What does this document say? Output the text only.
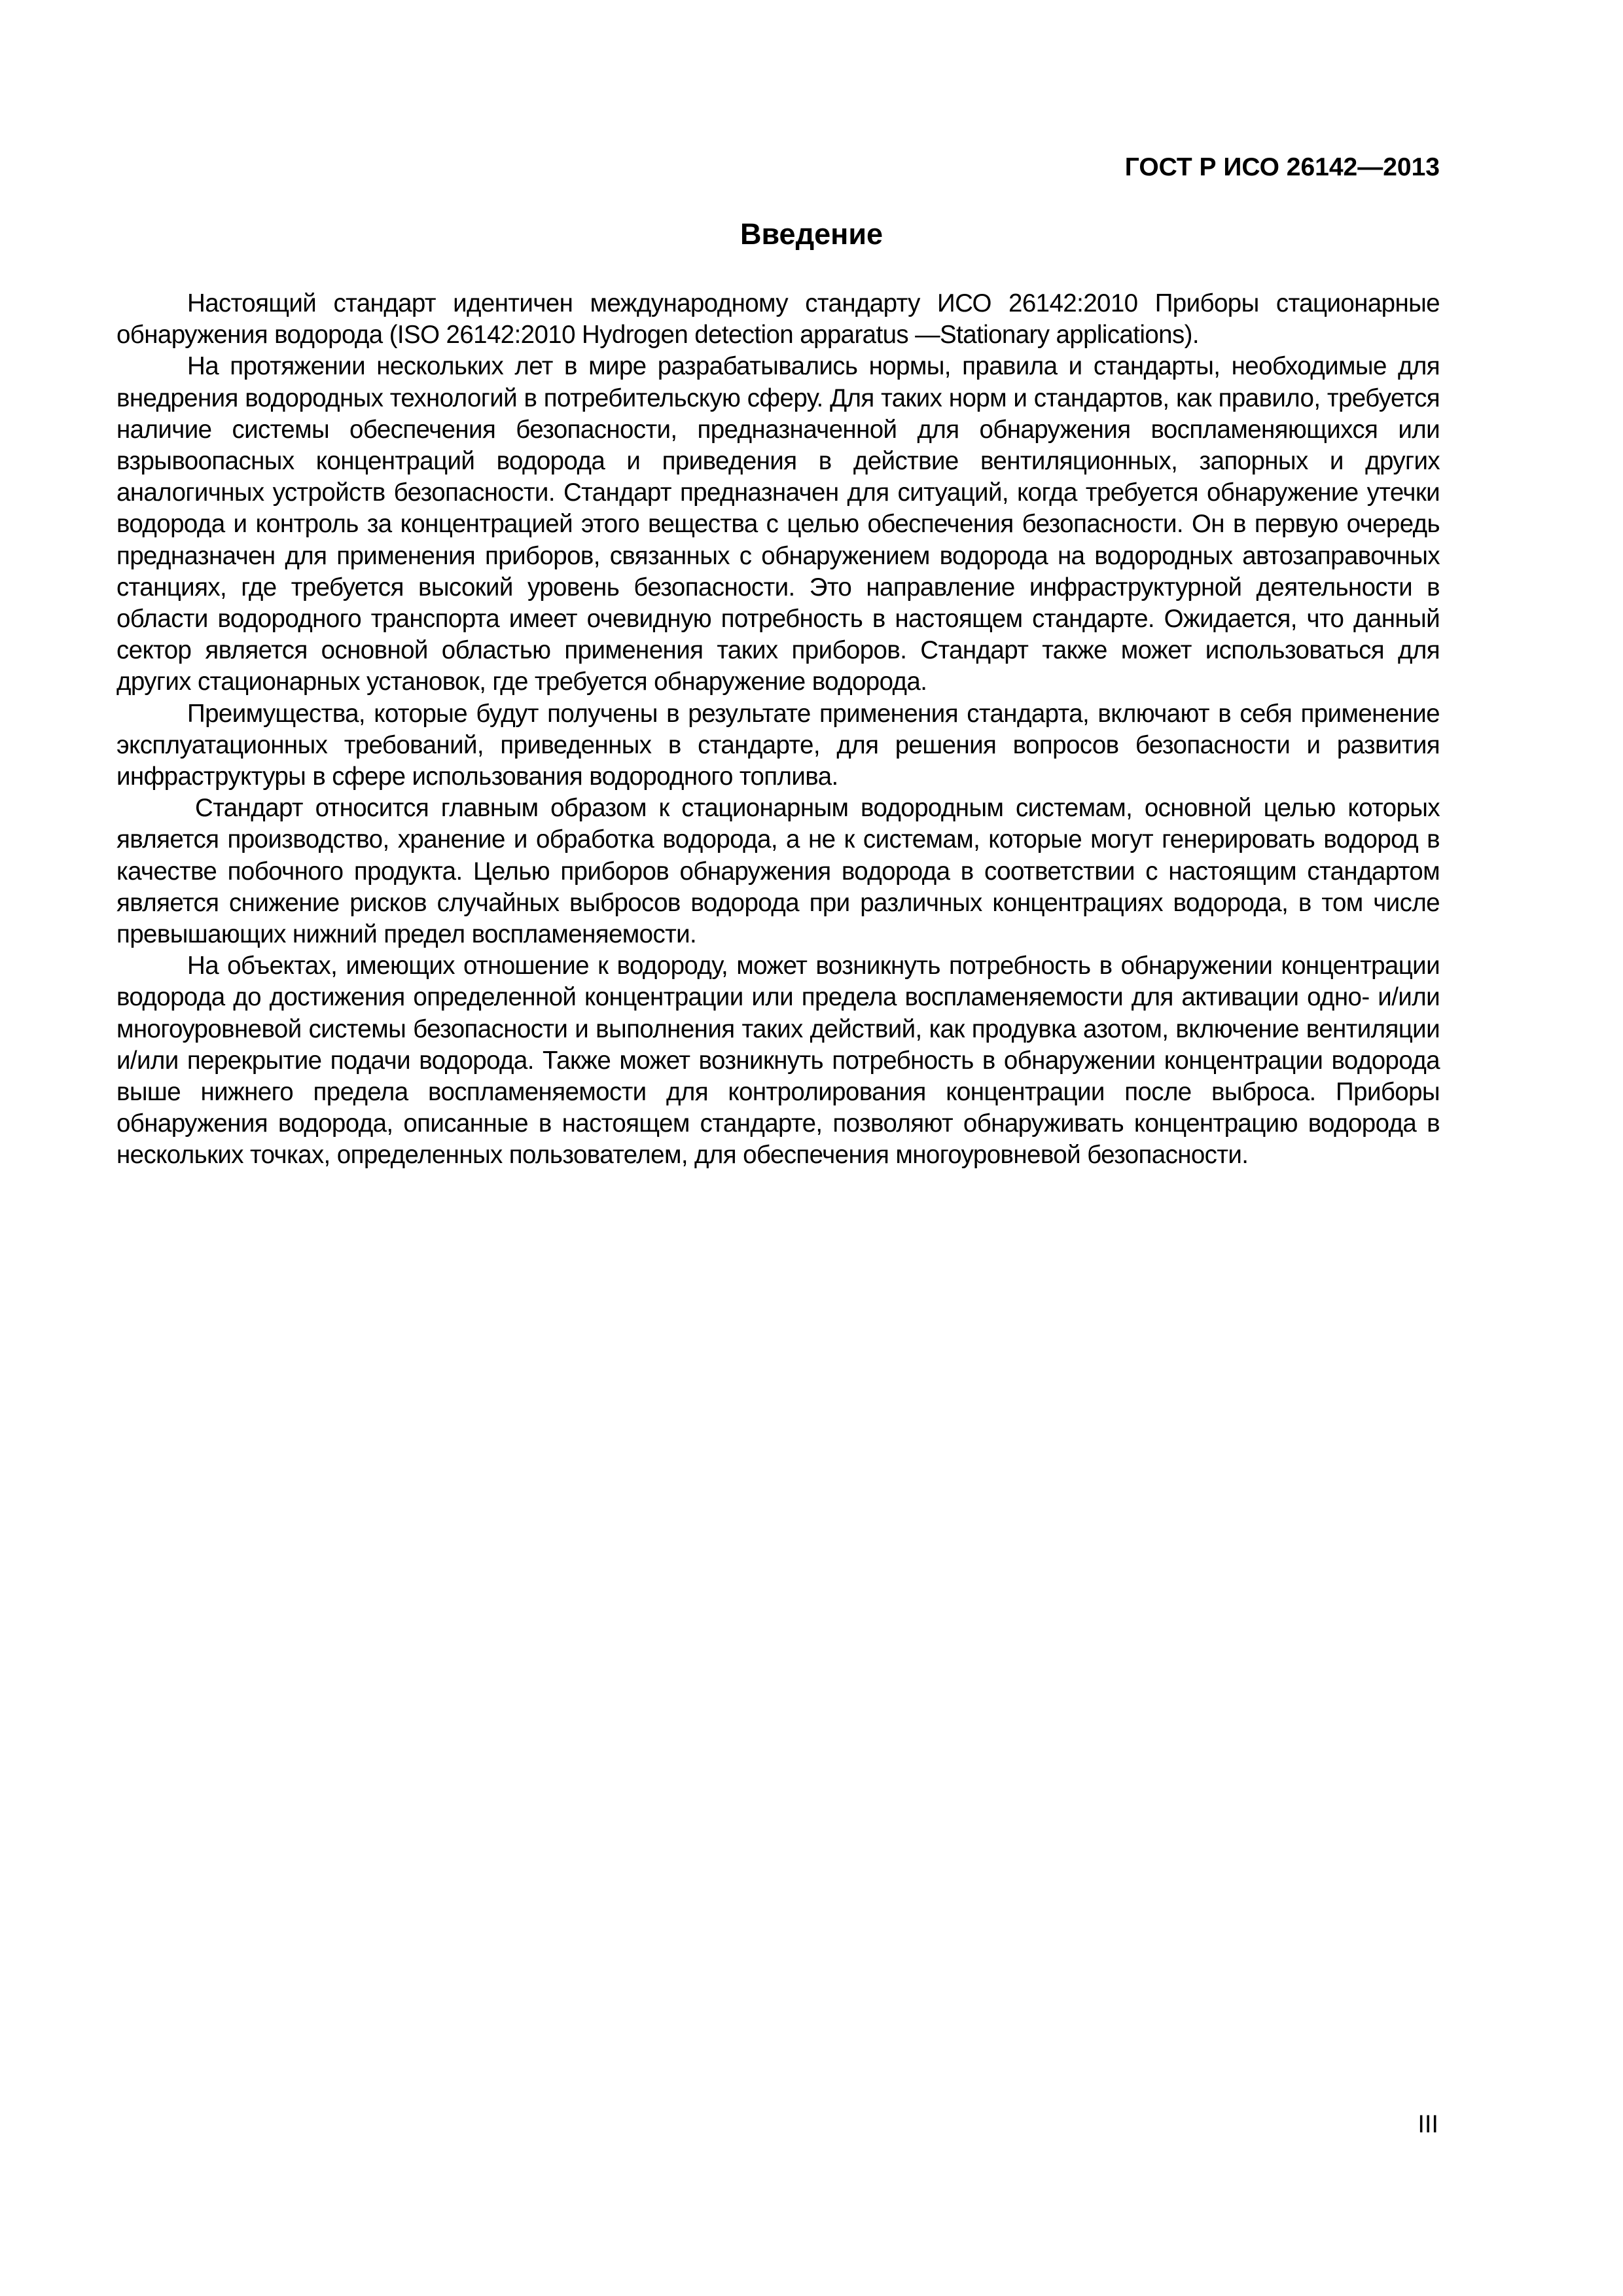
ГОСТ Р ИСО 26142—2013
Введение

Настоящий стандарт идентичен международному стандарту ИСО 26142:2010 Приборы стационарные обнаружения водорода (ISO 26142:2010 Hydrogen detection apparatus —Stationary applications).

На протяжении нескольких лет в мире разрабатывались нормы, правила и стандарты, необходимые для внедрения водородных технологий в потребительскую сферу. Для таких норм и стандартов, как правило, требуется наличие системы обеспечения безопасности, предназначенной для обнаружения воспламеняющихся или взрывоопасных концентраций водорода и приведения в действие вентиляционных, запорных и других аналогичных устройств безопасности. Стандарт предназначен для ситуаций, когда требуется обнаружение утечки водорода и контроль за концентрацией этого вещества с целью обеспечения безопасности. Он в первую очередь предназначен для применения приборов, связанных с обнаружением водорода на водородных автозаправочных станциях, где требуется высокий уровень безопасности. Это направление инфраструктурной деятельности в области водородного транспорта имеет очевидную потребность в настоящем стандарте. Ожидается, что данный сектор является основной областью применения таких приборов. Стандарт также может использоваться для других стационарных установок, где требуется обнаружение водорода.

Преимущества, которые будут получены в результате применения стандарта, включают в себя применение эксплуатационных требований, приведенных в стандарте, для решения вопросов безопасности и развития инфраструктуры в сфере использования водородного топлива.

Стандарт относится главным образом к стационарным водородным системам, основной целью которых является производство, хранение и обработка водорода, а не к системам, которые могут генерировать водород в качестве побочного продукта. Целью приборов обнаружения водорода в соответствии с настоящим стандартом является снижение рисков случайных выбросов водорода при различных концентрациях водорода, в том числе превышающих нижний предел воспламеняемости.

На объектах, имеющих отношение к водороду, может возникнуть потребность в обнаружении концентрации водорода до достижения определенной концентрации или предела воспламеняемости для активации одно- и/или многоуровневой системы безопасности и выполнения таких действий, как продувка азотом, включение вентиляции и/или перекрытие подачи водорода. Также может возникнуть потребность в обнаружении концентрации водорода выше нижнего предела воспламеняемости для контролирования концентрации после выброса. Приборы обнаружения водорода, описанные в настоящем стандарте, позволяют обнаруживать концентрацию водорода в нескольких точках, определенных пользователем, для обеспечения многоуровневой безопасности.

III
